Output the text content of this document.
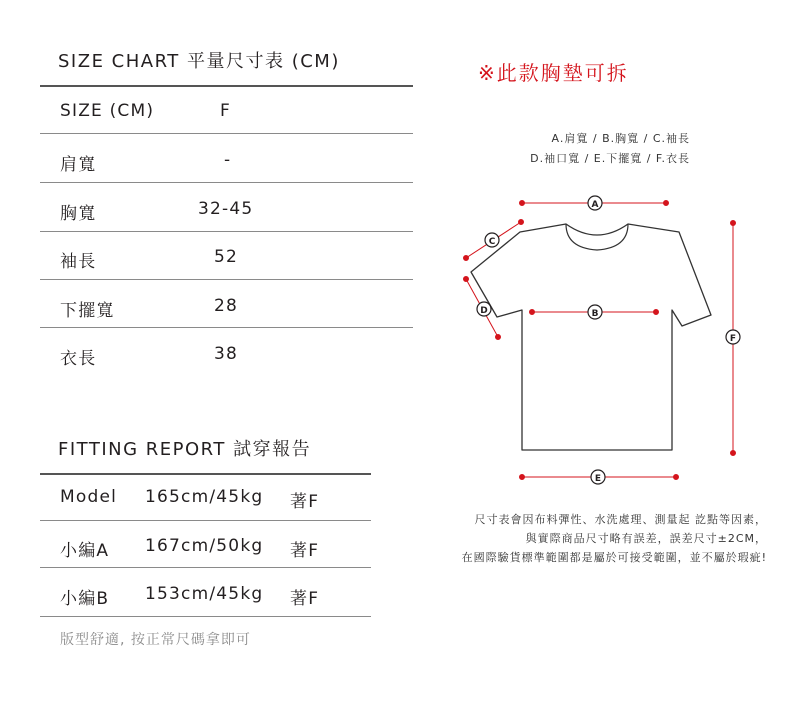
SIZE CHART 平量尺寸表 (CM)
SIZE (CM)	F
肩寬	-
胸寬	32-45
袖長	52
下擺寬	28
衣長	38
FITTING REPORT 試穿報告
Model 165cm/45kg 著F
小編A 167cm/50kg 著F
小編B 153cm/45kg 著F
版型舒適, 按正常尺碼拿即可
※此款胸墊可拆
A.肩寬 / B.胸寬 / C.袖長
D.袖口寬 / E.下擺寬 / F.衣長
A
B
C
D
E
F
尺寸表會因布料彈性、水洗處理、測量起 訖點等因素，
與實際商品尺寸略有誤差，誤差尺寸±2CM，
在國際驗貨標準範圍都是屬於可接受範圍，並不屬於瑕疵!
